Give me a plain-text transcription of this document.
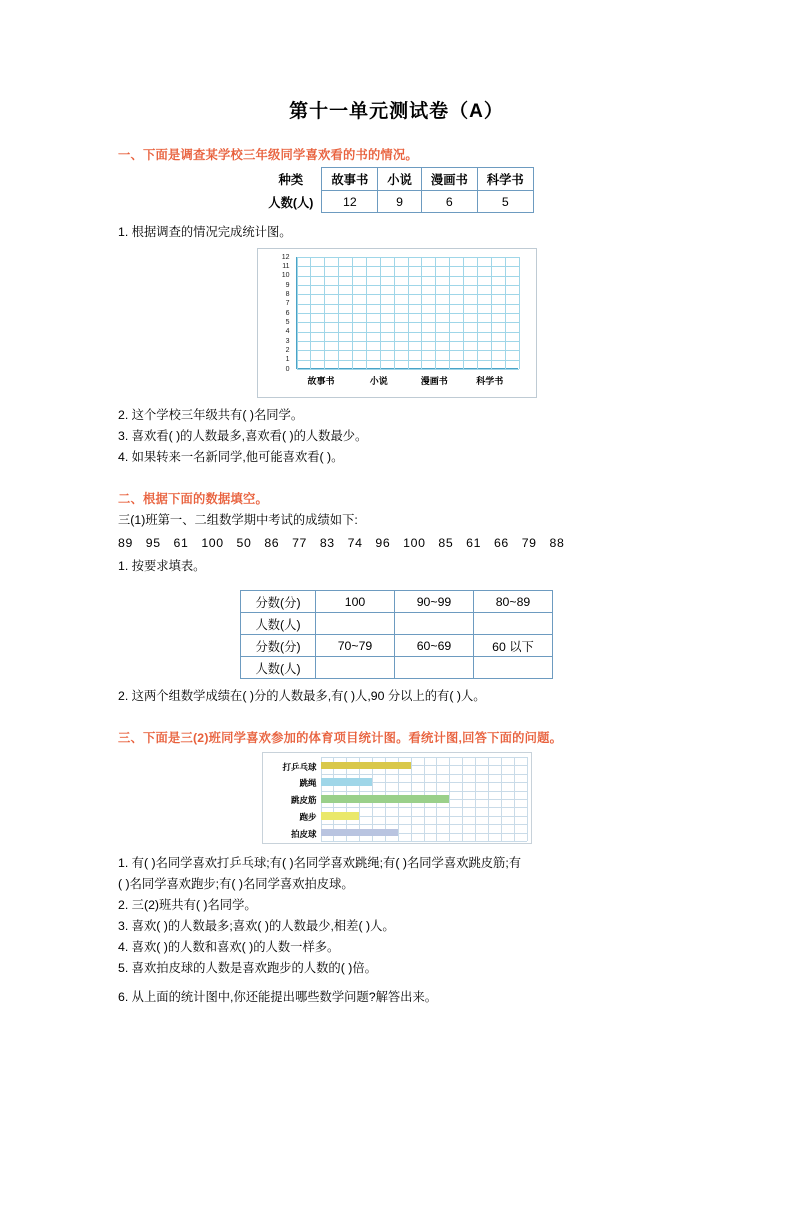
第十一单元测试卷（A）
一、下面是调查某学校三年级同学喜欢看的书的情况。
种类	故事书	小说	漫画书	科学书
人数(人)	12	9	6	5
1. 根据调查的情况完成统计图。
12
11
10
9
8
7
6
5
4
3
2
1
0
故事书	小说	漫画书	科学书
2. 这个学校三年级共有( )名同学。
3. 喜欢看( )的人数最多,喜欢看( )的人数最少。
4. 如果转来一名新同学,他可能喜欢看( )。
二、根据下面的数据填空。
三(1)班第一、二组数学期中考试的成绩如下:
89　95　61　100　50　86　77　83　74　96　100　85　61　66　79　88
1. 按要求填表。
分数(分)	100	90~99	80~89
人数(人)			
分数(分)	70~79	60~69	60 以下
人数(人)			
2. 这两个组数学成绩在( )分的人数最多,有( )人,90 分以上的有( )人。
三、下面是三(2)班同学喜欢参加的体育项目统计图。看统计图,回答下面的问题。
打乒乓球
跳绳
跳皮筋
跑步
拍皮球
1. 有( )名同学喜欢打乒乓球;有( )名同学喜欢跳绳;有( )名同学喜欢跳皮筋;有
( )名同学喜欢跑步;有( )名同学喜欢拍皮球。
2. 三(2)班共有( )名同学。
3. 喜欢( )的人数最多;喜欢( )的人数最少,相差( )人。
4. 喜欢( )的人数和喜欢( )的人数一样多。
5. 喜欢拍皮球的人数是喜欢跑步的人数的( )倍。
6. 从上面的统计图中,你还能提出哪些数学问题?解答出来。
